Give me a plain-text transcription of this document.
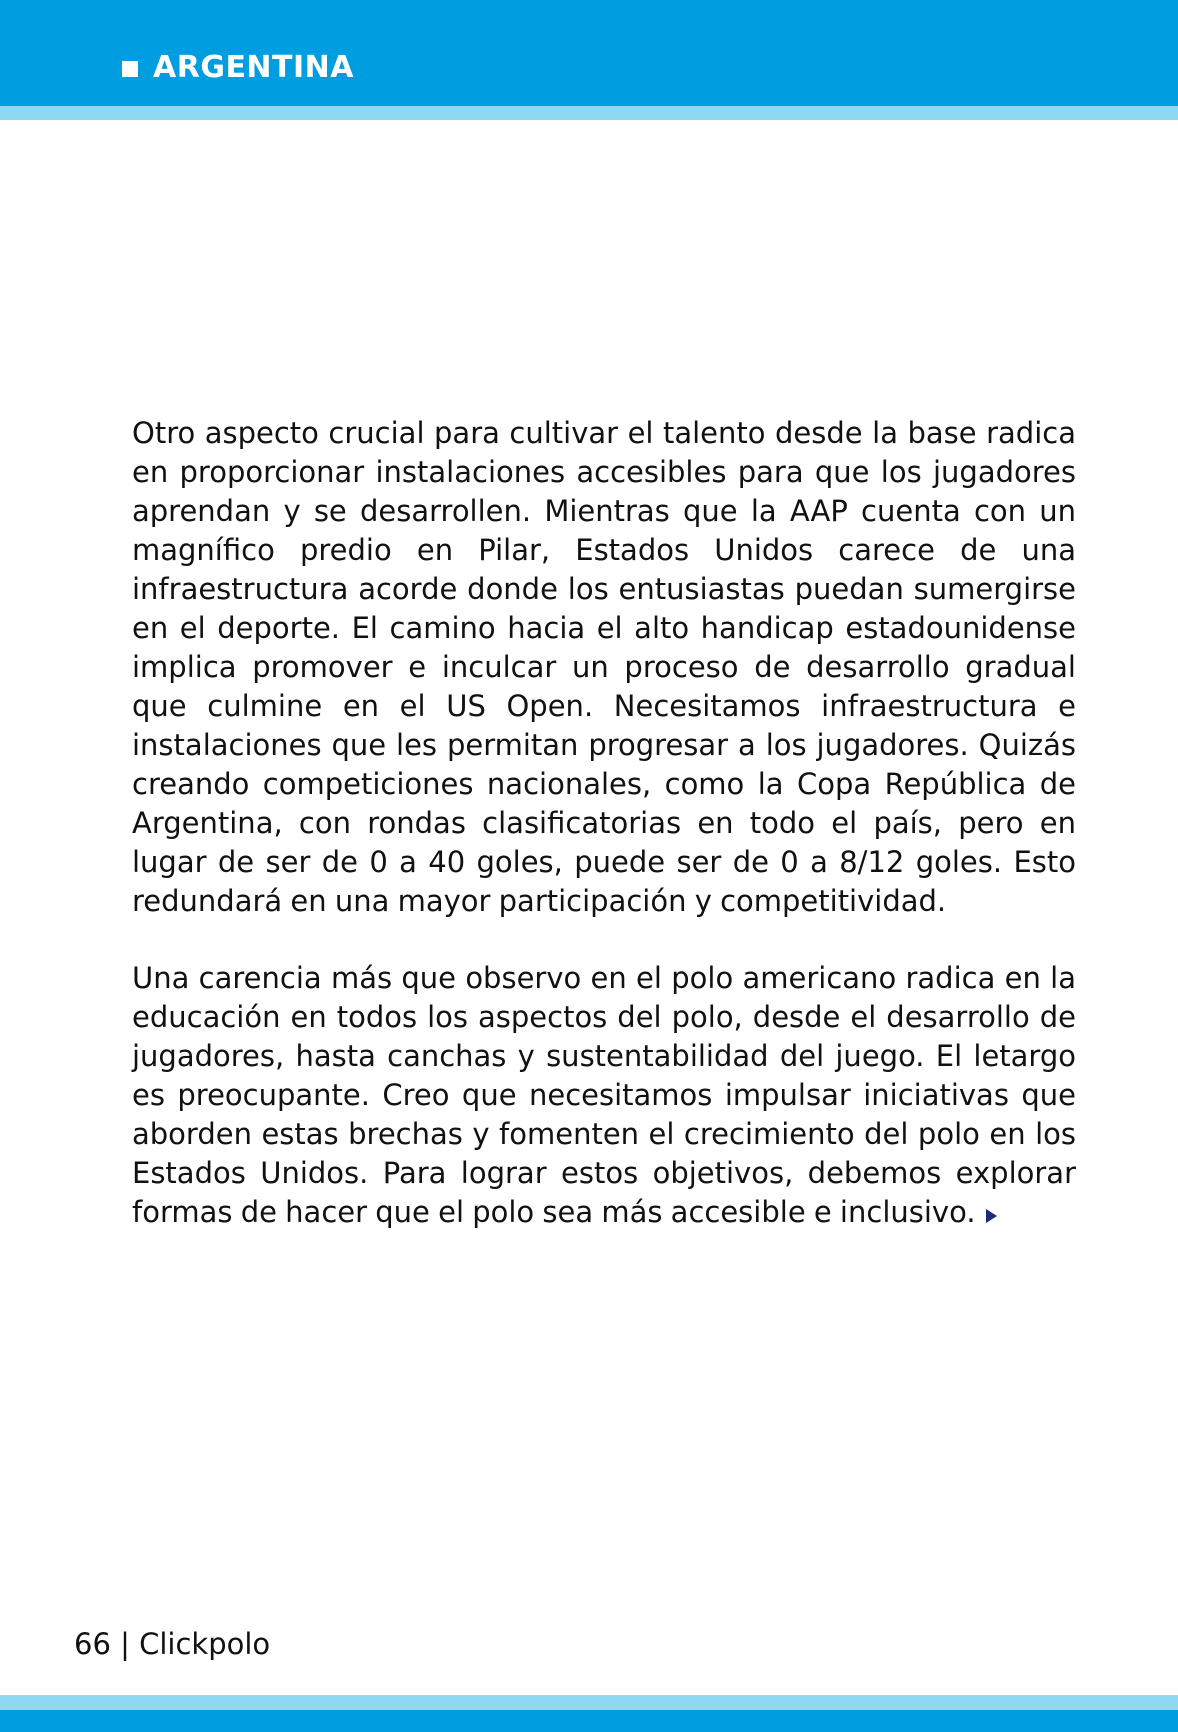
ARGENTINA

Otro aspecto crucial para cultivar el talento desde la base radica en proporcionar instalaciones accesibles para que los jugadores aprendan y se desarrollen. Mientras que la AAP cuenta con un magnífico predio en Pilar, Estados Unidos carece de una infraestructura acorde donde los entusiastas puedan sumergirse en el deporte. El camino hacia el alto handicap estadounidense implica promover e inculcar un proceso de desarrollo gradual que culmine en el US Open. Necesitamos infraestructura e instalaciones que les permitan progresar a los jugadores. Quizás creando competiciones nacionales, como la Copa República de Argentina, con rondas clasificatorias en todo el país, pero en lugar de ser de 0 a 40 goles, puede ser de 0 a 8/12 goles. Esto redundará en una mayor participación y competitividad.

Una carencia más que observo en el polo americano radica en la educación en todos los aspectos del polo, desde el desarrollo de jugadores, hasta canchas y sustentabilidad del juego. El letargo es preocupante. Creo que necesitamos impulsar iniciativas que aborden estas brechas y fomenten el crecimiento del polo en los Estados Unidos. Para lograr estos objetivos, debemos explorar formas de hacer que el polo sea más accesible e inclusivo.

66 | Clickpolo
